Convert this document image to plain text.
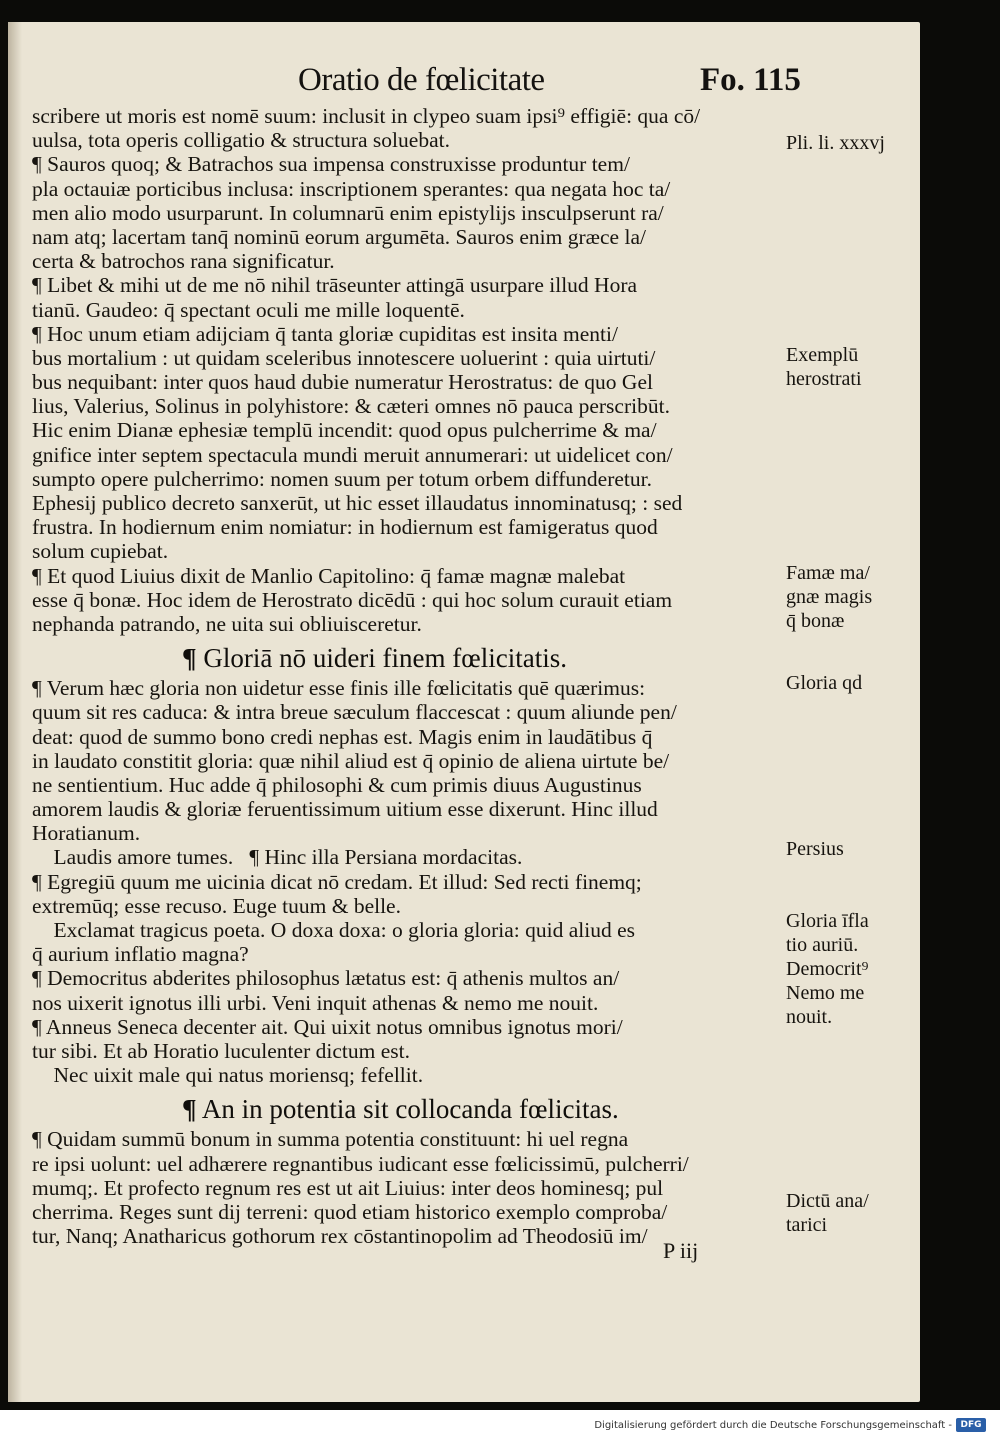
Oratio de fœlicitate	Fo. 115
scribere ut moris est nomē suum: inclusit in clypeo suam ipsi⁹ effigiē: qua cō/
uulsa, tota operis colligatio & structura soluebat.
¶ Sauros quoq; & Batrachos sua impensa construxisse produntur tem/
pla octauiæ porticibus inclusa: inscriptionem sperantes: qua negata hoc ta/
men alio modo usurparunt. In columnarū enim epistylijs insculpserunt ra/
nam atq; lacertam tanq̄ nominū eorum argumēta. Sauros enim græce la/
certa & batrochos rana significatur.
¶ Libet & mihi ut de me nō nihil trāseunter attingā usurpare illud Hora
tianū. Gaudeo: q̄ spectant oculi me mille loquentē.
¶ Hoc unum etiam adijciam q̄ tanta gloriæ cupiditas est insita menti/
bus mortalium : ut quidam sceleribus innotescere uoluerint : quia uirtuti/
bus nequibant: inter quos haud dubie numeratur Herostratus: de quo Gel
lius, Valerius, Solinus in polyhistore: & cæteri omnes nō pauca perscribūt.
Hic enim Dianæ ephesiæ templū incendit: quod opus pulcherrime & ma/
gnifice inter septem spectacula mundi meruit annumerari: ut uidelicet con/
sumpto opere pulcherrimo: nomen suum per totum orbem diffunderetur.
Ephesij publico decreto sanxerūt, ut hic esset illaudatus innominatusq; : sed
frustra. In hodiernum enim nomiatur: in hodiernum est famigeratus quod
solum cupiebat.
¶ Et quod Liuius dixit de Manlio Capitolino: q̄ famæ magnæ malebat
esse q̄ bonæ. Hoc idem de Herostrato dicēdū : qui hoc solum curauit etiam
nephanda patrando, ne uita sui obliuisceretur.
¶ Gloriā nō uideri finem fœlicitatis.
¶ Verum hæc gloria non uidetur esse finis ille fœlicitatis quē quærimus:
quum sit res caduca: & intra breue sæculum flaccescat : quum aliunde pen/
deat: quod de summo bono credi nephas est. Magis enim in laudātibus q̄
in laudato constitit gloria: quæ nihil aliud est q̄ opinio de aliena uirtute be/
ne sentientium. Huc adde q̄ philosophi & cum primis diuus Augustinus
amorem laudis & gloriæ feruentissimum uitium esse dixerunt. Hinc illud
Horatianum.
Laudis amore tumes.   ¶ Hinc illa Persiana mordacitas.
¶ Egregiū quum me uicinia dicat nō credam. Et illud: Sed recti finemq;
extremūq; esse recuso. Euge tuum & belle.
Exclamat tragicus poeta. O doxa doxa: o gloria gloria: quid aliud es
q̄ aurium inflatio magna?
¶ Democritus abderites philosophus lætatus est: q̄ athenis multos an/
nos uixerit ignotus illi urbi. Veni inquit athenas & nemo me nouit.
¶ Anneus Seneca decenter ait. Qui uixit notus omnibus ignotus mori/
tur sibi. Et ab Horatio luculenter dictum est.
Nec uixit male qui natus moriensq; fefellit.
¶ An in potentia sit collocanda fœlicitas.
¶ Quidam summū bonum in summa potentia constituunt: hi uel regna
re ipsi uolunt: uel adhærere regnantibus iudicant esse fœlicissimū, pulcherri/
mumq;. Et profecto regnum res est ut ait Liuius: inter deos hominesq; pul
cherrima. Reges sunt dij terreni: quod etiam historico exemplo comproba/
tur, Nanq; Anatharicus gothorum rex cōstantinopolim ad Theodosiū im/
Pli. li. xxxvj
Exemplū
herostrati
Famæ ma/
gnæ magis
q̄ bonæ
Gloria qd
Persius
Gloria īfla
tio auriū.
Democrit⁹
Nemo me
nouit.
Dictū ana/
tarici
P iij
Digitalisierung gefördert durch die Deutsche Forschungsgemeinschaft - DFG
